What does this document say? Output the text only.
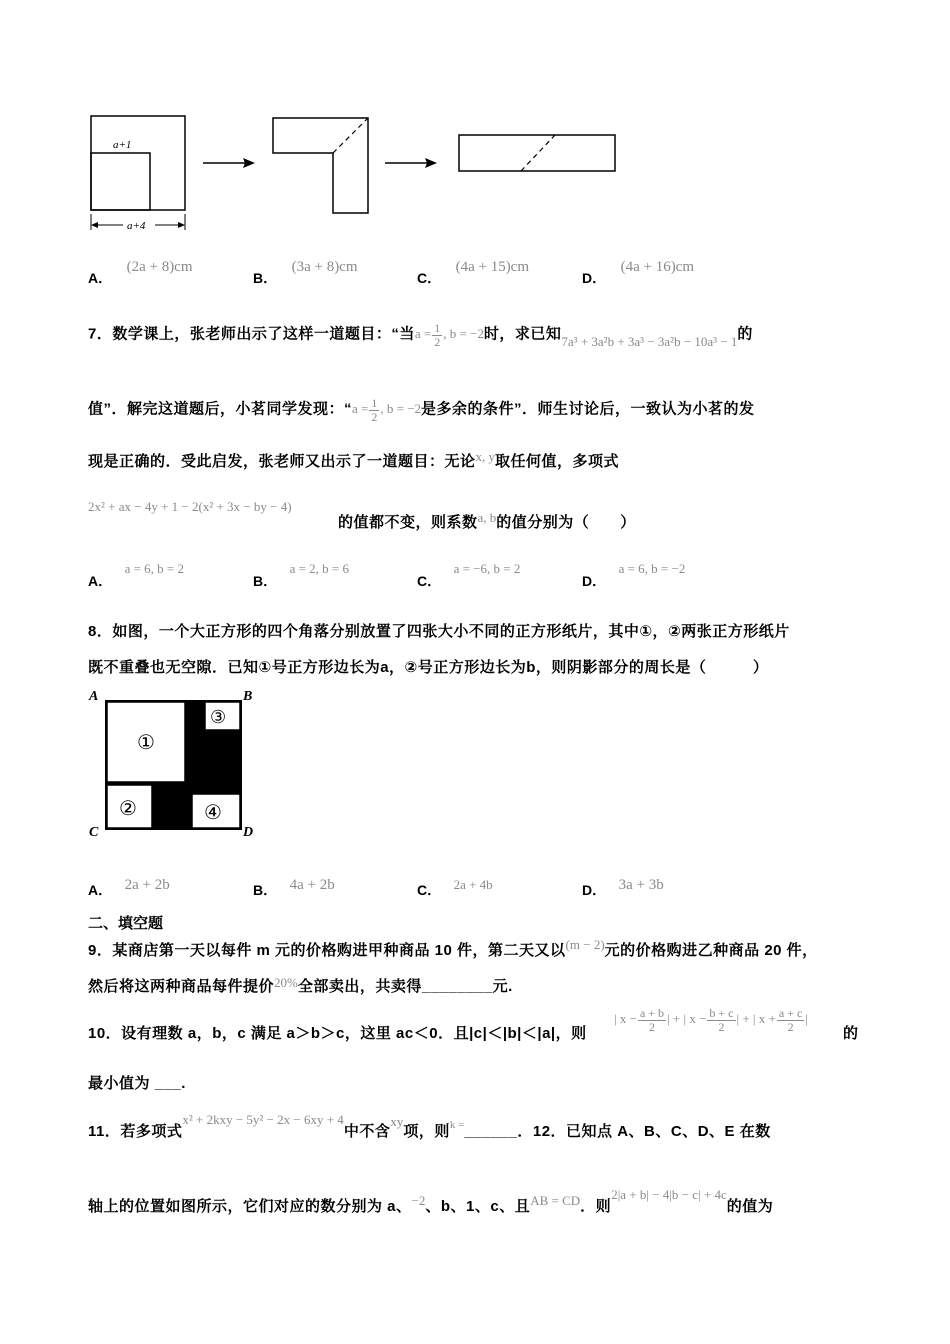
a+1
a+4
A． (2a + 8)cm
B． (3a + 8)cm
C． (4a + 15)cm
D． (4a + 16)cm
7．数学课上，张老师出示了这样一道题目：“当$a = \frac{1}{2}$ , b = −2时，求已知7a³ + 3a²b + 3a³ − 3a²b − 10a³ − 1的
值”．解完这道题后，小茗同学发现：“$a = \frac{1}{2}$ , b = −2是多余的条件”．师生讨论后，一致认为小茗的发
现是正确的．受此启发，张老师又出示了一道题目：无论x, y取任何值，多项式
2x² + ax − 4y + 1 − 2(x² + 3x − by − 4)
的值都不变，则系数a, b的值分别为（　　）
A． a = 6, b = 2
B． a = 2, b = 6
C． a = −6, b = 2
D． a = 6, b = −2
8．如图，一个大正方形的四个角落分别放置了四张大小不同的正方形纸片，其中①，②两张正方形纸片
既不重叠也无空隙．已知①号正方形边长为a，②号正方形边长为b，则阴影部分的周长是（　　　）
①
②
③
④
A	B
C	D
A． 2a + 2b	B． 4a + 2b	C． 2a + 4b	D． 3a + 3b
二、填空题
9．某商店第一天以每件 m 元的价格购进甲种商品 10 件，第二天又以(m − 2)元的价格购进乙种商品 20 件，
然后将这两种商品每件提价20%全部卖出，共卖得________元.
10．设有理数 a，b，c 满足 a＞b＞c，这里 ac＜0．且|c|＜|b|＜|a|，则
| $x - \frac{a + b}{2}$ | + | $x - \frac{b + c}{2}$ | + | $x + \frac{a + c}{2}$ |
的
最小值为 ___.
11．若多项式x² + 2kxy − 5y² − 2x − 6xy + 4中不含xy项，则$^{k =}$______．12．已知点 A、B、C、D、E 在数
轴上的位置如图所示，它们对应的数分别为 a、−2、b、1、c、且AB = CD．则2|a + b| − 4|b − c| + 4c的值为
